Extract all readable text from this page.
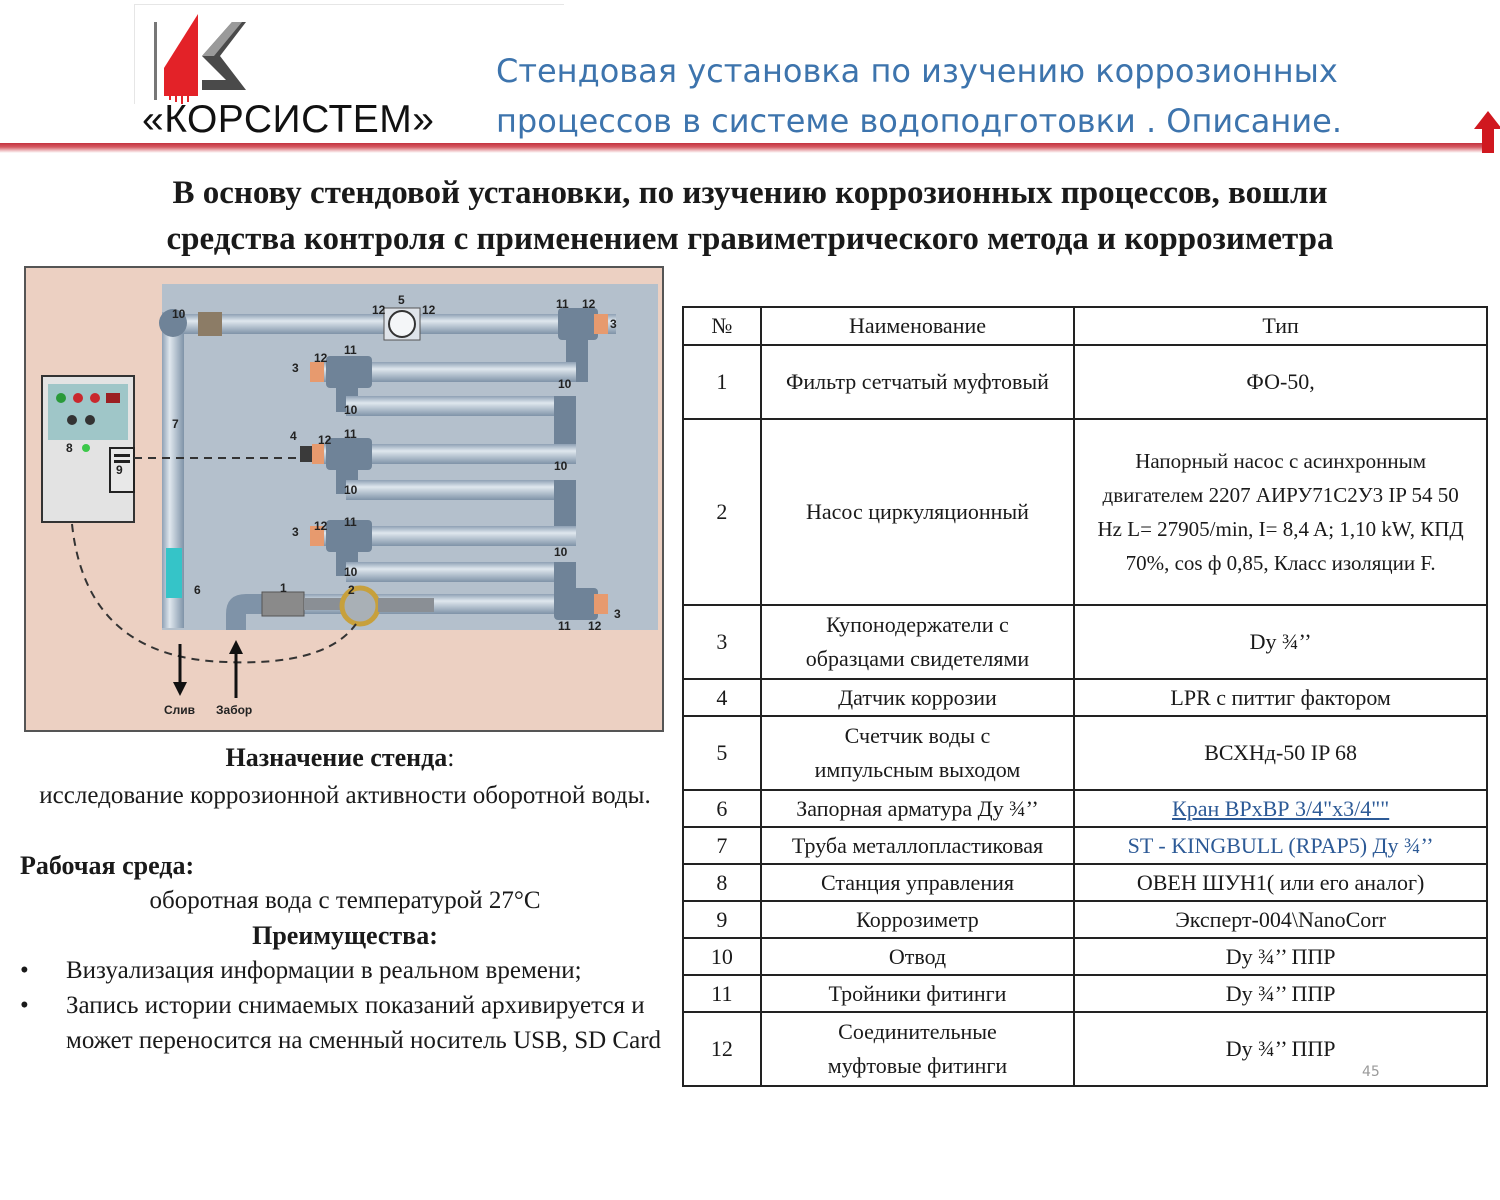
«КОРСИСТЕМ»
Стендовая установка по изучению коррозионных
процессов в системе водоподготовки . Описание.
В основу стендовой установки, по изучению коррозионных процессов, вошли
средства контроля с применением гравиметрического метода и коррозиметра
10
5
12	12	11 12
3
3
12
11
10
10
7
4 12 11
10
10
3 12 11
10
10
6	1	2
3
11 12
8
9
Слив Забор
Назначение стенда:
исследование коррозионной активности оборотной воды.
Рабочая среда:
оборотная вода с температурой 27°С
Преимущества:
• Визуализация информации в реальном времени;
• Запись истории снимаемых показаний архивируется и может переносится на сменный носитель USB, SD Card
№	Наименование	Тип
1	Фильтр сетчатый муфтовый	ФО-50,
2	Насос циркуляционный	Напорный насос с асинхронным двигателем 2207 АИРУ71С2У3 IP 54 50 Hz L= 27905/min, I= 8,4 A; 1,10 kW, КПД 70%, cos ф 0,85, Класс изоляции F.
3	Купонодержатели с образцами свидетелями	Dy ¾’’
4	Датчик коррозии	LPR с питтиг фактором
5	Счетчик воды с импульсным выходом	ВСХНд-50 IP 68
6	Запорная арматура Ду ¾’’	Кран ВРхВР 3/4"х3/4""
7	Труба металлопластиковая	ST - KINGBULL (RPAP5) Ду ¾’’
8	Станция управления	ОВЕН ШУН1( или его аналог)
9	Коррозиметр	Эксперт-004\NanoCorr
10	Отвод	Dy ¾’’ ППР
11	Тройники фитинги	Dy ¾’’ ППР
12	Соединительные муфтовые фитинги	Dy ¾’’ ППР
45
